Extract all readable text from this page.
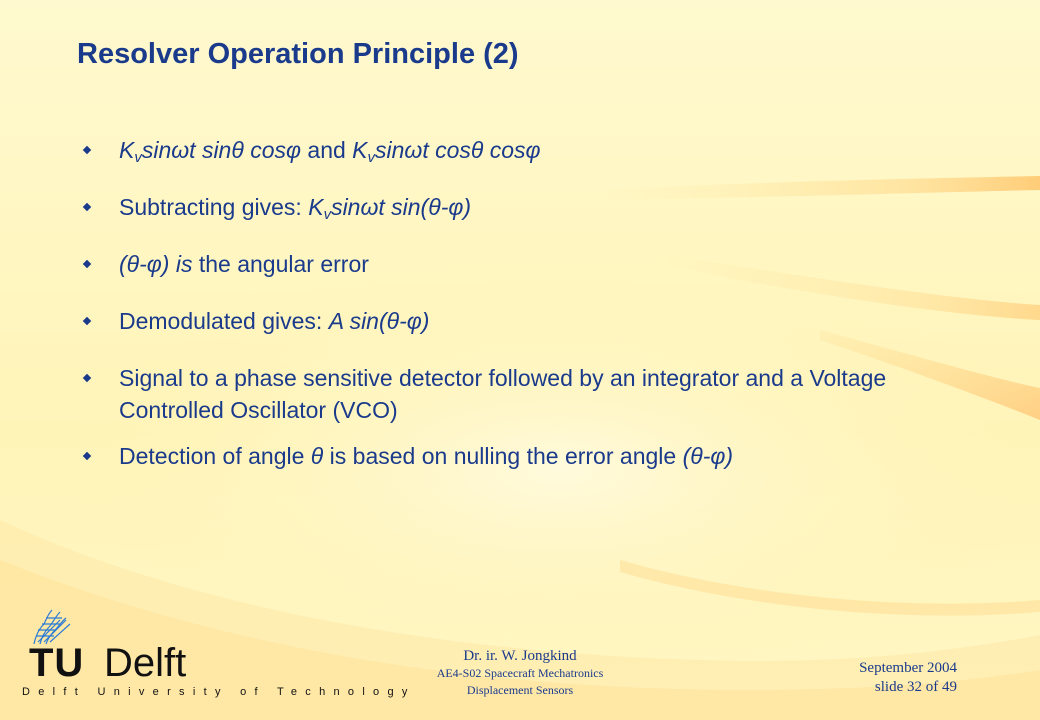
Resolver Operation Principle (2)
$K_v\sin\omega t$ sinθ cosφ and $K_v\sin\omega t$ cosθ cosφ
Subtracting gives: $K_v\sin\omega t$ sin(θ-φ)
(θ-φ) is the angular error
Demodulated gives: A sin(θ-φ)
Signal to a phase sensitive detector followed by an integrator and a Voltage Controlled Oscillator (VCO)
Detection of angle θ is based on nulling the error angle (θ-φ)
TU Delft
Delft University of Technology
Dr. ir. W. Jongkind
AE4-S02 Spacecraft Mechatronics
Displacement Sensors
September 2004
slide 32 of 49
